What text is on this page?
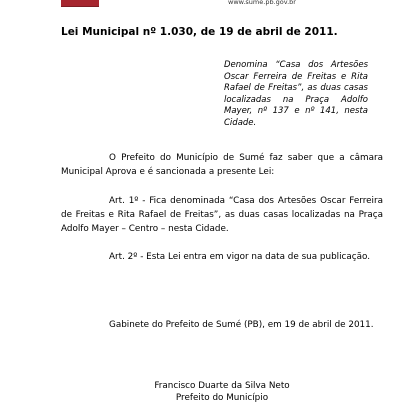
www.sume.pb.gov.br
Lei Municipal nº 1.030, de 19 de abril de 2011.
Denomina “Casa dos Artesões Oscar Ferreira de Freitas e Rita Rafael de Freitas”, as duas casas localizadas na Praça Adolfo Mayer, nº 137 e nº 141, nesta Cidade.
O Prefeito do Município de Sumé faz saber que a câmara Municipal Aprova e é sancionada a presente Lei:
Art. 1º - Fica denominada “Casa dos Artesões Oscar Ferreira de Freitas e Rita Rafael de Freitas”, as duas casas localizadas na Praça Adolfo Mayer – Centro – nesta Cidade.
Art. 2º - Esta Lei entra em vigor na data de sua publicação.
Gabinete do Prefeito de Sumé (PB), em 19 de abril de 2011.
Francisco Duarte da Silva Neto
Prefeito do Município
